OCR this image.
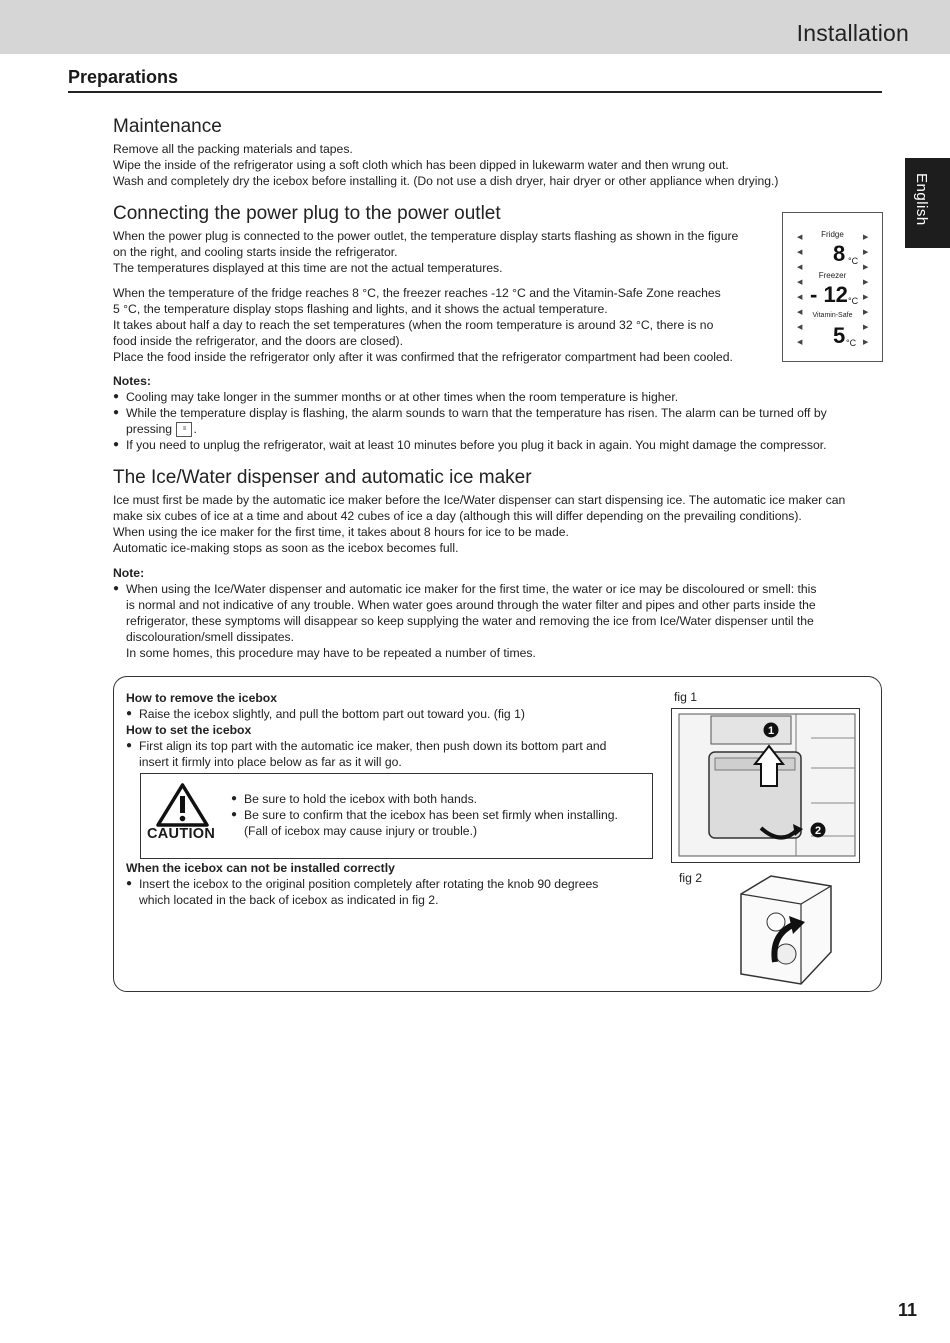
Installation
Preparations
English
Maintenance

Remove all the packing materials and tapes.

Wipe the inside of the refrigerator using a soft cloth which has been dipped in lukewarm water and then wrung out.

Wash and completely dry the icebox before installing it. (Do not use a dish dryer, hair dryer or other appliance when drying.)

Connecting the power plug to the power outlet

When the power plug is connected to the power outlet, the temperature display starts flashing as shown in the figure

on the right, and cooling starts inside the refrigerator.

The temperatures displayed at this time are not the actual temperatures.

When the temperature of the fridge reaches 8 °C, the freezer reaches -12 °C and the Vitamin-Safe Zone reaches

5 °C, the temperature display stops flashing and lights, and it shows the actual temperature.

It takes about half a day to reach the set temperatures (when the room temperature is around 32 °C, there is no

food inside the refrigerator, and the doors are closed).

Place the food inside the refrigerator only after it was confirmed that the refrigerator compartment had been cooled.

◀
◀
◀
◀
◀
◀
◀
◀
▶
▶
▶
▶
▶
▶
▶
▶
Fridge
8 °C
Freezer
- 12 °C
Vitamin-Safe
5 °C

Notes:

● Cooling may take longer in the summer months or at other times when the room temperature is higher.

● While the temperature display is flashing, the alarm sounds to warn that the temperature has risen. The alarm can be turned off by
pressing ≡ .

● If you need to unplug the refrigerator, wait at least 10 minutes before you plug it back in again. You might damage the compressor.

The Ice/Water dispenser and automatic ice maker

Ice must first be made by the automatic ice maker before the Ice/Water dispenser can start dispensing ice. The automatic ice maker can

make six cubes of ice at a time and about 42 cubes of ice a day (although this will differ depending on the prevailing conditions).

When using the ice maker for the first time, it takes about 8 hours for ice to be made.

Automatic ice-making stops as soon as the icebox becomes full.

Note:

● When using the Ice/Water dispenser and automatic ice maker for the first time, the water or ice may be discoloured or smell: this

is normal and not indicative of any trouble. When water goes around through the water filter and pipes and other parts inside the

refrigerator, these symptoms will disappear so keep supplying the water and removing the ice from Ice/Water dispenser until the

discolouration/smell dissipates.

In some homes, this procedure may have to be repeated a number of times.

How to remove the icebox

● Raise the icebox slightly, and pull the bottom part out toward you. (fig 1)

How to set the icebox

● First align its top part with the automatic ice maker, then push down its bottom part and

insert it firmly into place below as far as it will go.

CAUTION

● Be sure to hold the icebox with both hands.

● Be sure to confirm that the icebox has been set firmly when installing.

(Fall of icebox may cause injury or trouble.)

When the icebox can not be installed correctly

● Insert the icebox to the original position completely after rotating the knob 90 degrees

which located in the back of icebox as indicated in fig 2.

fig 1
1
2
fig 2
11
